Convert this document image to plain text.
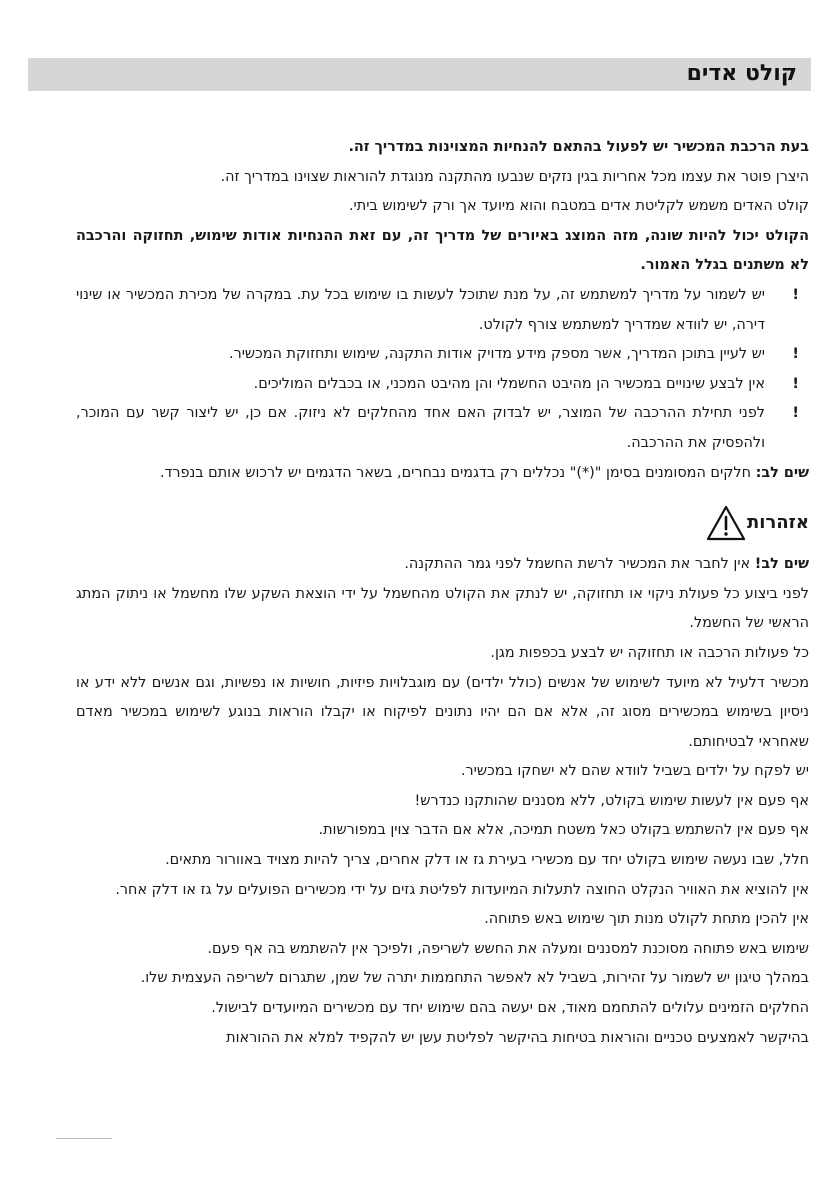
קולט אדים

בעת הרכבת המכשיר יש לפעול בהתאם להנחיות המצוינות במדריך זה.

היצרן פוטר את עצמו מכל אחריות בגין נזקים שנבעו מהתקנה מנוגדת להוראות שצוינו במדריך זה.

קולט האדים משמש לקליטת אדים במטבח והוא מיועד אך ורק לשימוש ביתי.

הקולט יכול להיות שונה, מזה המוצג באיורים של מדריך זה, עם זאת ההנחיות אודות שימוש, תחזוקה והרכבה לא משתנים בגלל האמור.

!
יש לשמור על מדריך למשתמש זה, על מנת שתוכל לעשות בו שימוש בכל עת. במקרה של מכירת המכשיר או שינוי דירה, יש לוודא שמדריך למשתמש צורף לקולט.
!
יש לעיין בתוכן המדריך, אשר מספק מידע מדויק אודות התקנה, שימוש ותחזוקת המכשיר.
!
אין לבצע שינויים במכשיר הן מהיבט החשמלי והן מהיבט המכני, או בכבלים המוליכים.
!
לפני תחילת ההרכבה של המוצר, יש לבדוק האם אחד מהחלקים לא ניזוק. אם כן, יש ליצור קשר עם המוכר, ולהפסיק את ההרכבה.

שים לב: חלקים המסומנים בסימן "(*)" נכללים רק בדגמים נבחרים, בשאר הדגמים יש לרכוש אותם בנפרד.

אזהרות

שים לב! אין לחבר את המכשיר לרשת החשמל לפני גמר ההתקנה.

לפני ביצוע כל פעולת ניקוי או תחזוקה, יש לנתק את הקולט מהחשמל על ידי הוצאת השקע שלו מחשמל או ניתוק המתג הראשי של החשמל.

כל פעולות הרכבה או תחזוקה יש לבצע בכפפות מגן.

מכשיר דלעיל לא מיועד לשימוש של אנשים (כולל ילדים) עם מוגבלויות פיזיות, חושיות או נפשיות, וגם אנשים ללא ידע או ניסיון בשימוש במכשירים מסוג זה, אלא אם הם יהיו נתונים לפיקוח או יקבלו הוראות בנוגע לשימוש במכשיר מאדם שאחראי לבטיחותם.

יש לפקח על ילדים בשביל לוודא שהם לא ישחקו במכשיר.

אף פעם אין לעשות שימוש בקולט, ללא מסננים שהותקנו כנדרש!

אף פעם אין להשתמש בקולט כאל משטח תמיכה, אלא אם הדבר צוין במפורשות.

חלל, שבו נעשה שימוש בקולט יחד עם מכשירי בעירת גז או דלק אחרים, צריך להיות מצויד באוורור מתאים.

אין להוציא את האוויר הנקלט החוצה לתעלות המיועדות לפליטת גזים על ידי מכשירים הפועלים על גז או דלק אחר.

אין להכין מתחת לקולט מנות תוך שימוש באש פתוחה.

שימוש באש פתוחה מסוכנת למסננים ומעלה את החשש לשריפה, ולפיכך אין להשתמש בה אף פעם.

במהלך טיגון יש לשמור על זהירות, בשביל לא לאפשר התחממות יתרה של שמן, שתגרום לשריפה העצמית שלו.

החלקים הזמינים עלולים להתחמם מאוד, אם יעשה בהם שימוש יחד עם מכשירים המיועדים לבישול.

בהיקשר לאמצעים טכניים והוראות בטיחות בהיקשר לפליטת עשן יש להקפיד למלא את ההוראות
